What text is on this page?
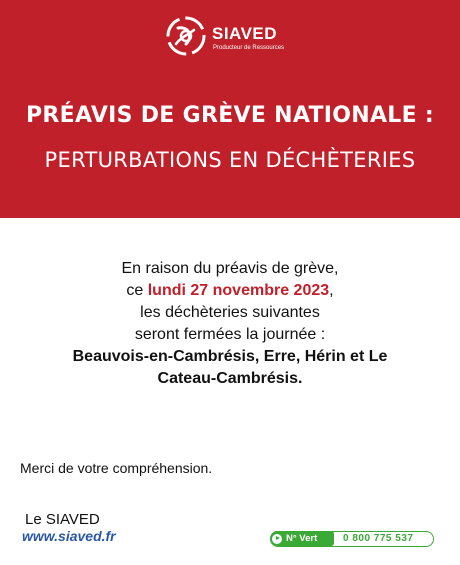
SIAVED
Producteur de Ressources
PRÉAVIS DE GRÈVE NATIONALE :
PERTURBATIONS EN DÉCHÈTERIES

En raison du préavis de grève,

ce lundi 27 novembre 2023,

les déchèteries suivantes

seront fermées la journée :

Beauvois-en-Cambrésis, Erre, Hérin et Le

Cateau-Cambrésis.

Merci de votre compréhension.
Le SIAVED
www.siaved.fr	N° Vert	0 800 775 537
